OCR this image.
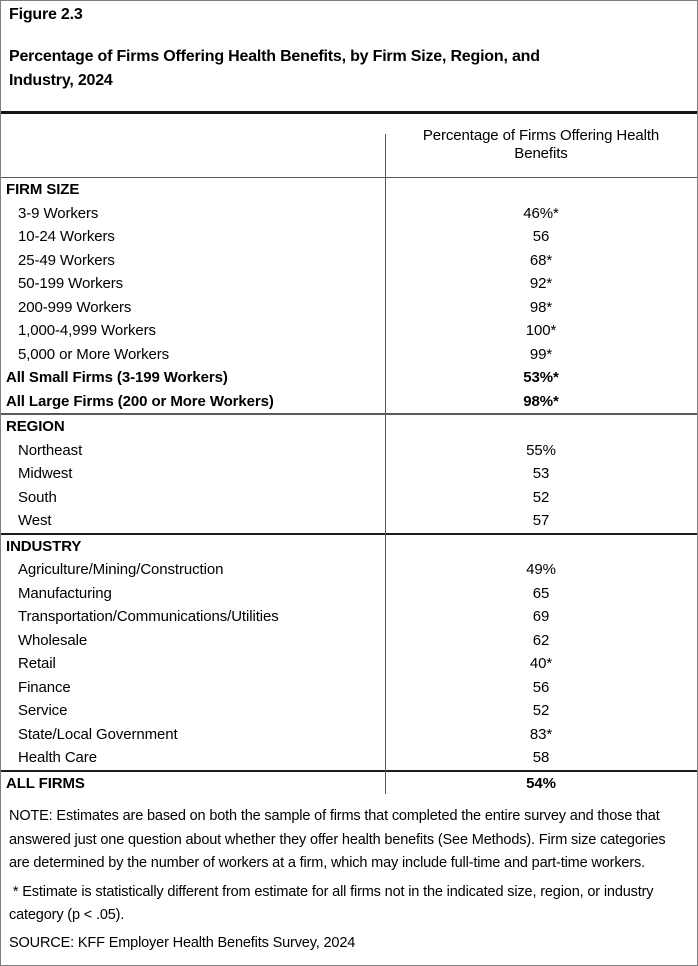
Figure 2.3
Percentage of Firms Offering Health Benefits, by Firm Size, Region, and
Industry, 2024
Percentage of Firms Offering Health
Benefits
FIRM SIZE
3-9 Workers	46%*
10-24 Workers	56
25-49 Workers	68*
50-199 Workers	92*
200-999 Workers	98*
1,000-4,999 Workers	100*
5,000 or More Workers	99*
All Small Firms (3-199 Workers)	53%*
All Large Firms (200 or More Workers)	98%*
REGION
Northeast	55%
Midwest	53
South	52
West	57
INDUSTRY
Agriculture/Mining/Construction	49%
Manufacturing	65
Transportation/Communications/Utilities	69
Wholesale	62
Retail	40*
Finance	56
Service	52
State/Local Government	83*
Health Care	58
ALL FIRMS	54%
NOTE: Estimates are based on both the sample of firms that completed the entire survey and those that
answered just one question about whether they offer health benefits (See Methods). Firm size categories
are determined by the number of workers at a firm, which may include full-time and part-time workers.
* Estimate is statistically different from estimate for all firms not in the indicated size, region, or industry
category (p < .05).
SOURCE: KFF Employer Health Benefits Survey, 2024
